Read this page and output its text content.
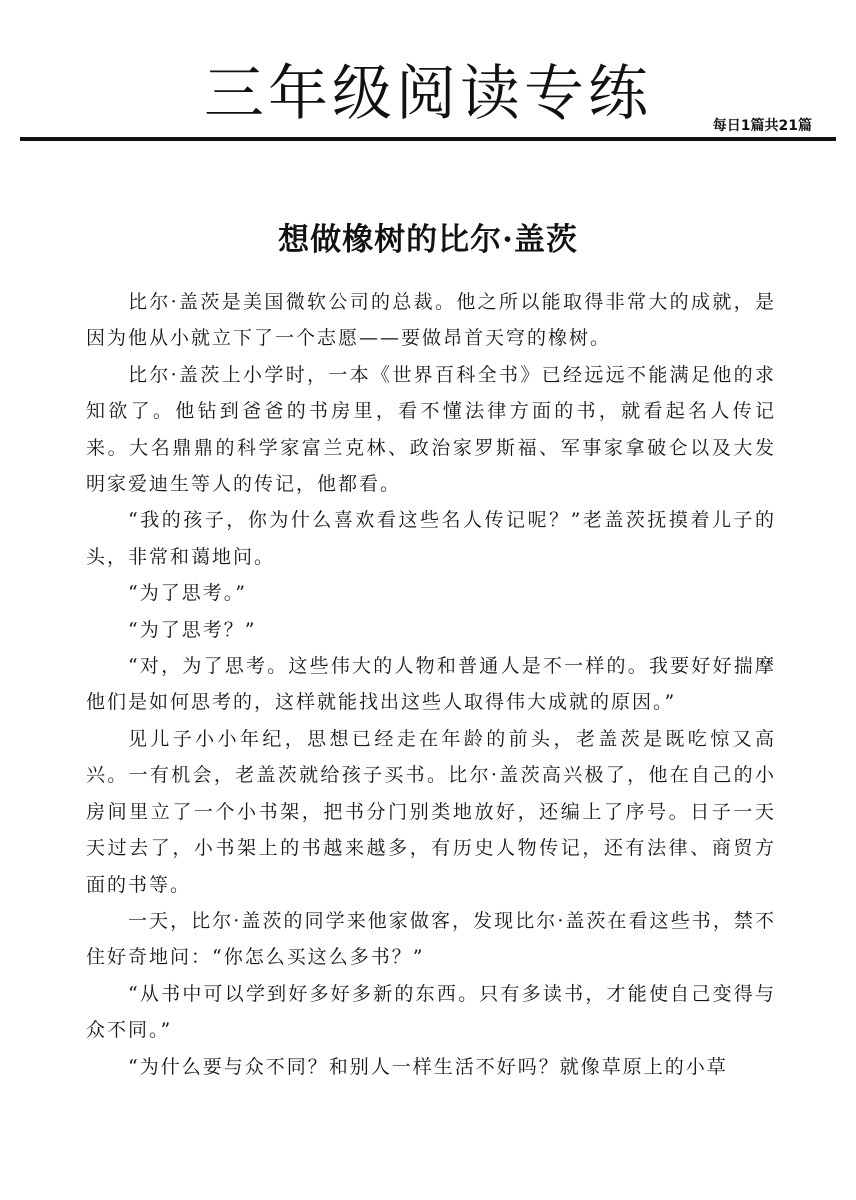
三年级阅读专练	每日1篇共21篇
想做橡树的比尔·盖茨

比尔·盖茨是美国微软公司的总裁。他之所以能取得非常大的成就，是因为他从小就立下了一个志愿——要做昂首天穹的橡树。

比尔·盖茨上小学时，一本《世界百科全书》已经远远不能满足他的求知欲了。他钻到爸爸的书房里，看不懂法律方面的书，就看起名人传记来。大名鼎鼎的科学家富兰克林、政治家罗斯福、军事家拿破仑以及大发明家爱迪生等人的传记，他都看。

“我的孩子，你为什么喜欢看这些名人传记呢？”老盖茨抚摸着儿子的头，非常和蔼地问。

“为了思考。”

“为了思考？”

“对，为了思考。这些伟大的人物和普通人是不一样的。我要好好揣摩他们是如何思考的，这样就能找出这些人取得伟大成就的原因。”

见儿子小小年纪，思想已经走在年龄的前头，老盖茨是既吃惊又高兴。一有机会，老盖茨就给孩子买书。比尔·盖茨高兴极了，他在自己的小房间里立了一个小书架，把书分门别类地放好，还编上了序号。日子一天天过去了，小书架上的书越来越多，有历史人物传记，还有法律、商贸方面的书等。

一天，比尔·盖茨的同学来他家做客，发现比尔·盖茨在看这些书，禁不住好奇地问：“你怎么买这么多书？”

“从书中可以学到好多好多新的东西。只有多读书，才能使自己变得与众不同。”

“为什么要与众不同？和别人一样生活不好吗？就像草原上的小草
